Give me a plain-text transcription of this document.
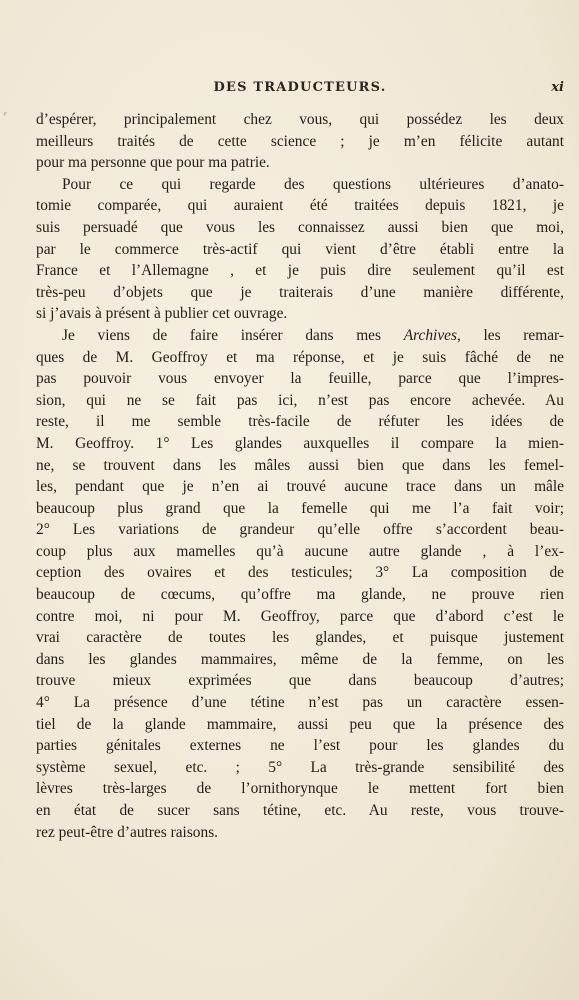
ʳ
DES TRADUCTEURS.	xi
d’espérer, principalement chez vous, qui possédez les deux
meilleurs traités de cette science ; je m’en félicite autant
pour ma personne que pour ma patrie.
Pour ce qui regarde des questions ultérieures d’anato-
tomie comparée, qui auraient été traitées depuis 1821, je
suis persuadé que vous les connaissez aussi bien que moi,
par le commerce très-actif qui vient d’être établi entre la
France et l’Allemagne , et je puis dire seulement qu’il est
très-peu d’objets que je traiterais d’une manière différente,
si j’avais à présent à publier cet ouvrage.
Je viens de faire insérer dans mes Archives, les remar-
ques de M. Geoffroy et ma réponse, et je suis fâché de ne
pas pouvoir vous envoyer la feuille, parce que l’impres-
sion, qui ne se fait pas ici, n’est pas encore achevée. Au
reste, il me semble très-facile de réfuter les idées de
M. Geoffroy. 1° Les glandes auxquelles il compare la mien-
ne, se trouvent dans les mâles aussi bien que dans les femel-
les, pendant que je n’en ai trouvé aucune trace dans un mâle
beaucoup plus grand que la femelle qui me l’a fait voir;
2° Les variations de grandeur qu’elle offre s’accordent beau-
coup plus aux mamelles qu’à aucune autre glande , à l’ex-
ception des ovaires et des testicules; 3° La composition de
beaucoup de cœcums, qu’offre ma glande, ne prouve rien
contre moi, ni pour M. Geoffroy, parce que d’abord c’est le
vrai caractère de toutes les glandes, et puisque justement
dans les glandes mammaires, même de la femme, on les
trouve mieux exprimées que dans beaucoup d’autres;
4° La présence d’une tétine n’est pas un caractère essen-
tiel de la glande mammaire, aussi peu que la présence des
parties génitales externes ne l’est pour les glandes du
système sexuel, etc. ; 5° La très-grande sensibilité des
lèvres très-larges de l’ornithorynque le mettent fort bien
en état de sucer sans tétine, etc. Au reste, vous trouve-
rez peut-être d’autres raisons.
